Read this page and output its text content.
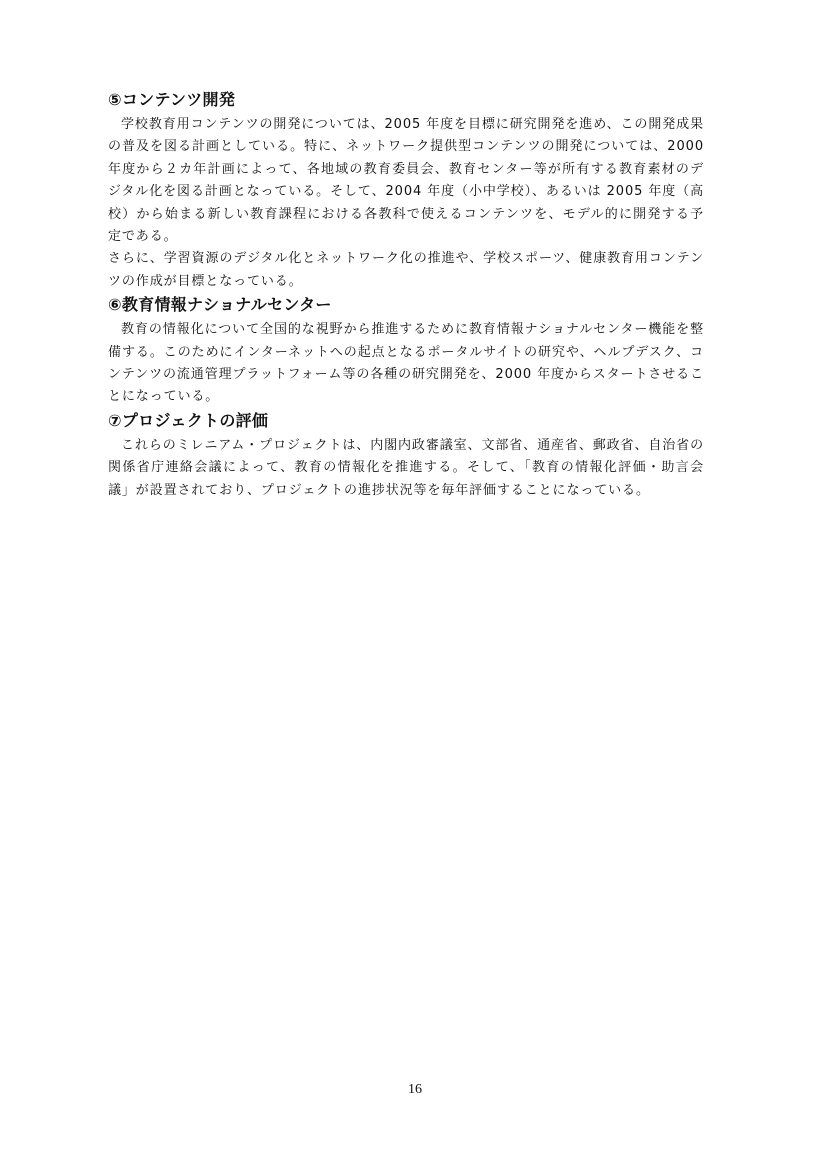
⑤コンテンツ開発

学校教育用コンテンツの開発については、2005 年度を目標に研究開発を進め、この開発成果の普及を図る計画としている。特に、ネットワーク提供型コンテンツの開発については、2000 年度から２カ年計画によって、各地域の教育委員会、教育センター等が所有する教育素材のデジタル化を図る計画となっている。そして、2004 年度（小中学校）、あるいは 2005 年度（高校）から始まる新しい教育課程における各教科で使えるコンテンツを、モデル的に開発する予定である。

さらに、学習資源のデジタル化とネットワーク化の推進や、学校スポーツ、健康教育用コンテンツの作成が目標となっている。

⑥教育情報ナショナルセンター

教育の情報化について全国的な視野から推進するために教育情報ナショナルセンター機能を整備する。このためにインターネットへの起点となるポータルサイトの研究や、ヘルプデスク、コンテンツの流通管理プラットフォーム等の各種の研究開発を、2000 年度からスタートさせることになっている。

⑦プロジェクトの評価

これらのミレニアム・プロジェクトは、内閣内政審議室、文部省、通産省、郵政省、自治省の関係省庁連絡会議によって、教育の情報化を推進する。そして、「教育の情報化評価・助言会議」が設置されており、プロジェクトの進捗状況等を毎年評価することになっている。

16
